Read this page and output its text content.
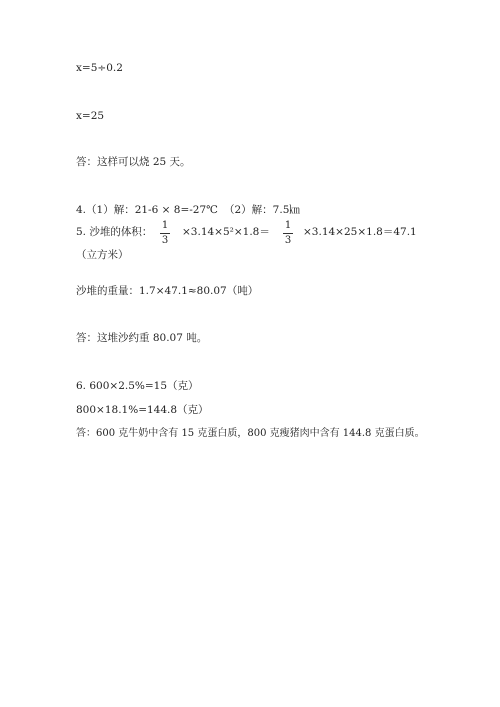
x=5÷0.2
x=25
答：这样可以烧 25 天。
4.（1）解：21-6 × 8=-27℃ （2）解：7.5㎞
5. 沙堆的体积：
1
3
×3.14×5²×1.8＝
1
3
×3.14×25×1.8＝47.1
（立方米）
沙堆的重量：1.7×47.1≈80.07（吨）
答：这堆沙约重 80.07 吨。
6. 600×2.5%=15（克）
800×18.1%=144.8（克）
答：600 克牛奶中含有 15 克蛋白质，800 克瘦猪肉中含有 144.8 克蛋白质。
